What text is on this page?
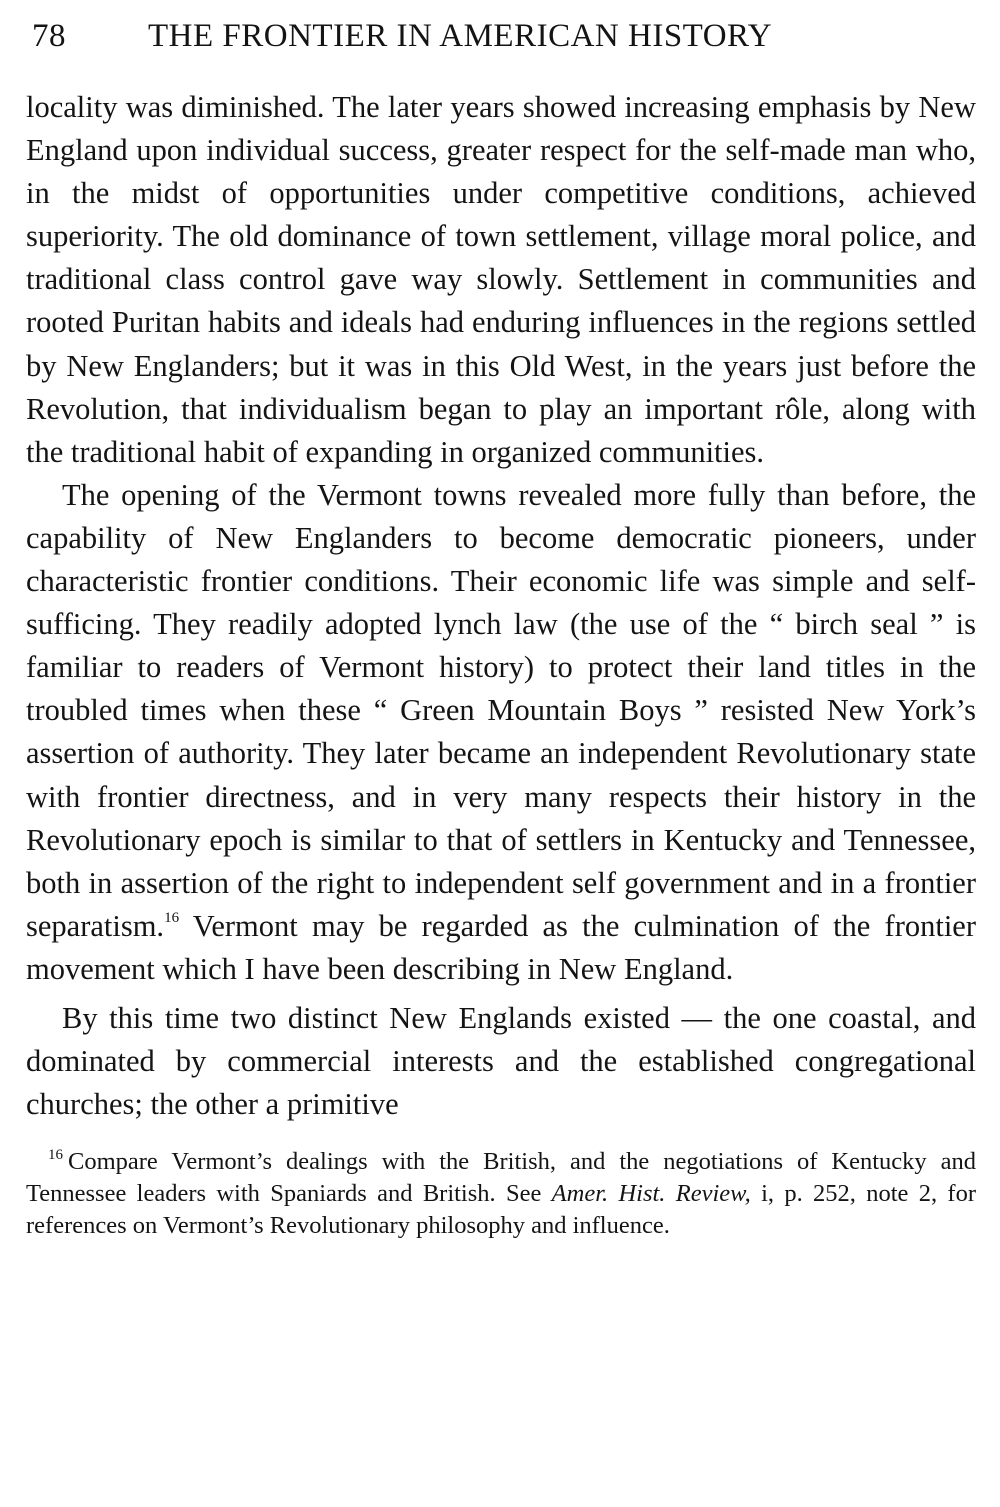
78 THE FRONTIER IN AMERICAN HISTORY

locality was diminished. The later years showed increasing emphasis by New England upon individual success, greater respect for the self-made man who, in the midst of opportunities under competitive conditions, achieved superiority. The old dominance of town settlement, village moral police, and traditional class control gave way slowly. Settlement in communities and rooted Puritan habits and ideals had enduring influences in the regions settled by New Englanders; but it was in this Old West, in the years just before the Revolution, that individualism began to play an important rôle, along with the traditional habit of expanding in organized communities.

The opening of the Vermont towns revealed more fully than before, the capability of New Englanders to become democratic pioneers, under characteristic frontier conditions. Their economic life was simple and self-sufficing. They readily adopted lynch law (the use of the “ birch seal ” is familiar to readers of Vermont history) to protect their land titles in the troubled times when these “ Green Mountain Boys ” resisted New York’s assertion of authority. They later became an independent Revolutionary state with frontier directness, and in very many respects their history in the Revolutionary epoch is similar to that of settlers in Kentucky and Tennessee, both in assertion of the right to independent self government and in a frontier separatism.$^{16}$ Vermont may be regarded as the culmination of the frontier movement which I have been describing in New England.

By this time two distinct New Englands existed — the one coastal, and dominated by commercial interests and the established congregational churches; the other a primitive

$^{16}$ Compare Vermont’s dealings with the British, and the negotiations of Kentucky and Tennessee leaders with Spaniards and British. See Amer. Hist. Review, i, p. 252, note 2, for references on Vermont’s Revolutionary philosophy and influence.
